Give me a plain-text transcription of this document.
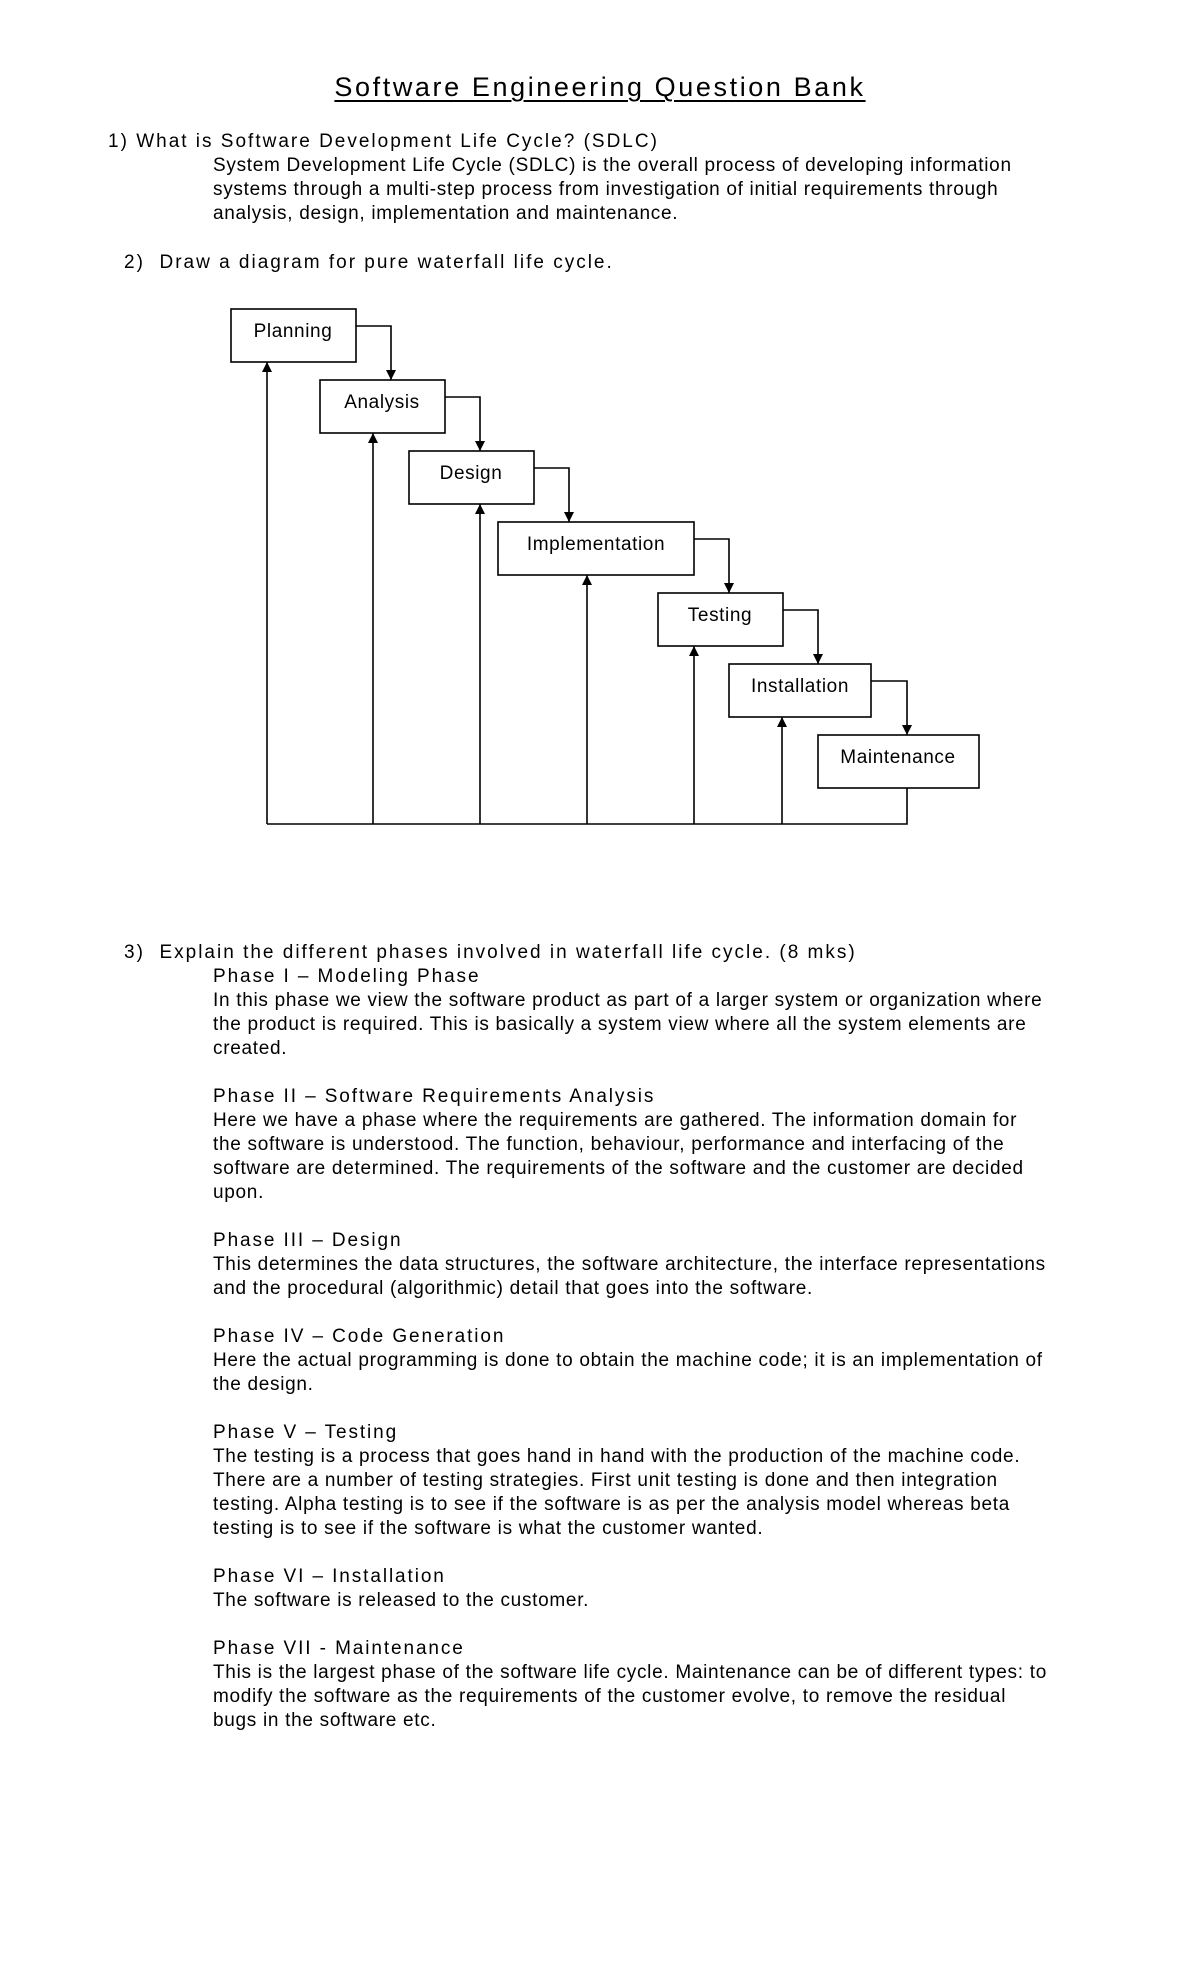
Software Engineering Question Bank

1) What is Software Development Life Cycle? (SDLC)

System Development Life Cycle (SDLC) is the overall process of developing information
systems through a multi-step process from investigation of initial requirements through
analysis, design, implementation and maintenance.

2) Draw a diagram for pure waterfall life cycle.

Planning
Analysis
Design
Implementation
Testing
Installation
Maintenance

3) Explain the different phases involved in waterfall life cycle. (8 mks)

Phase I – Modeling Phase
In this phase we view the software product as part of a larger system or organization where
the product is required. This is basically a system view where all the system elements are
created.
Phase II – Software Requirements Analysis
Here we have a phase where the requirements are gathered. The information domain for
the software is understood. The function, behaviour, performance and interfacing of the
software are determined. The requirements of the software and the customer are decided
upon.
Phase III – Design
This determines the data structures, the software architecture, the interface representations
and the procedural (algorithmic) detail that goes into the software.
Phase IV – Code Generation
Here the actual programming is done to obtain the machine code; it is an implementation of
the design.
Phase V – Testing
The testing is a process that goes hand in hand with the production of the machine code.
There are a number of testing strategies. First unit testing is done and then integration
testing. Alpha testing is to see if the software is as per the analysis model whereas beta
testing is to see if the software is what the customer wanted.
Phase VI – Installation
The software is released to the customer.
Phase VII - Maintenance
This is the largest phase of the software life cycle. Maintenance can be of different types: to
modify the software as the requirements of the customer evolve, to remove the residual
bugs in the software etc.
